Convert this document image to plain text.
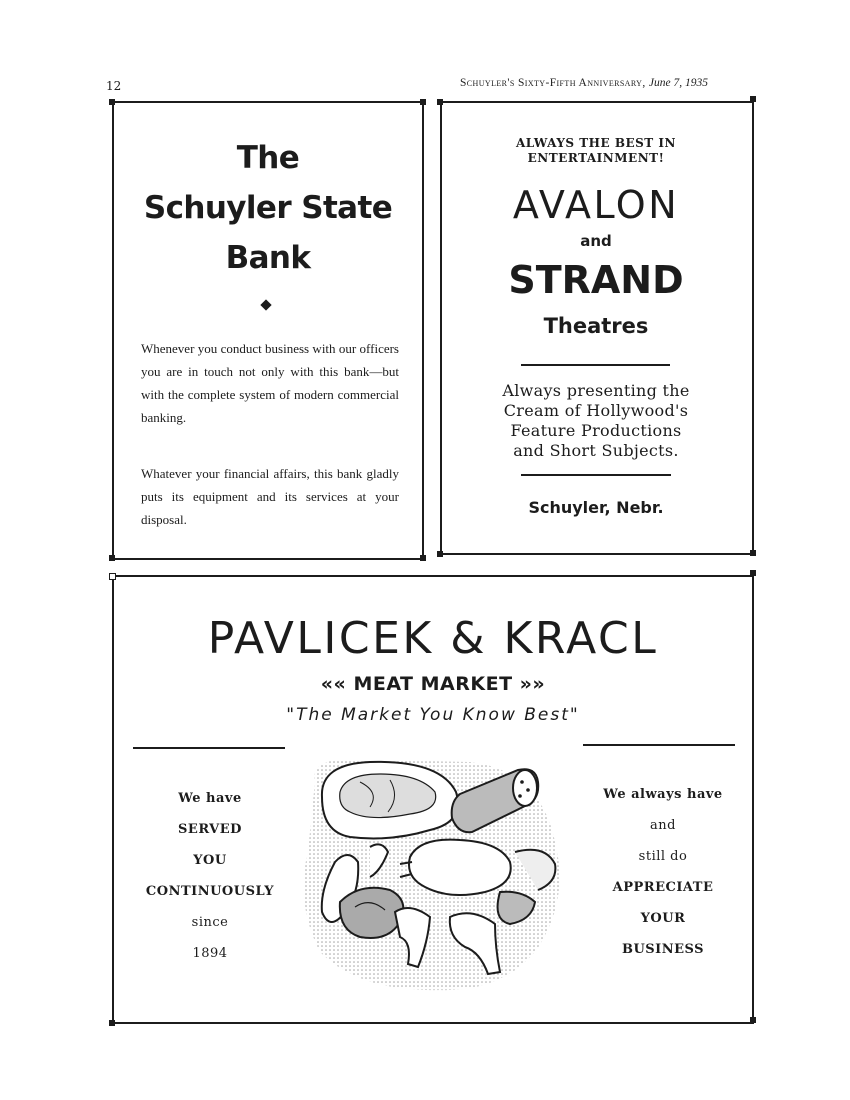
12	Schuyler's Sixty-Fifth Anniversary, June 7, 1935
The
Schuyler State
Bank
Whenever you conduct business with our officers you are in touch not only with this bank—but with the complete system of modern commercial banking.
Whatever your financial affairs, this bank gladly puts its equipment and its services at your disposal.
ALWAYS THE BEST IN
ENTERTAINMENT!
AVALON
and
STRAND
Theatres
Always presenting the
Cream of Hollywood's
Feature Productions
and Short Subjects.
Schuyler, Nebr.
PAVLICEK & KRACL
«« MEAT MARKET »»
"The Market You Know Best"
We have
SERVED
YOU
CONTINUOUSLY
since
1894
We always have
and
still do
APPRECIATE
YOUR
BUSINESS
